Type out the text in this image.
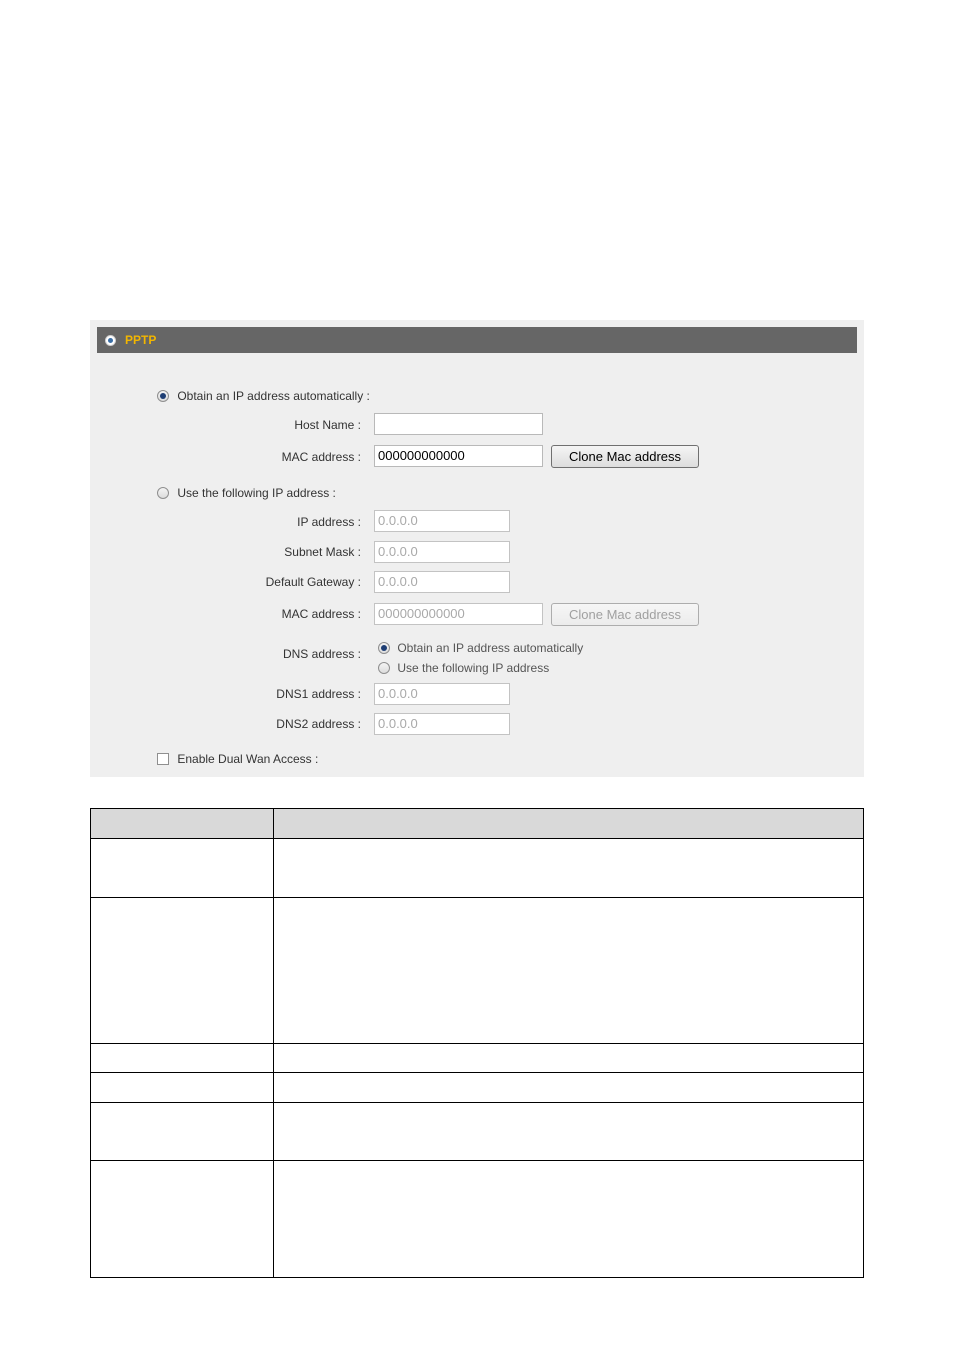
PPTP
Obtain an IP address automatically :
Host Name :
MAC address :	000000000000	Clone Mac address
Use the following IP address :
IP address :	0.0.0.0
Subnet Mask :	0.0.0.0
Default Gateway :	0.0.0.0
MAC address :	000000000000	Clone Mac address
DNS address :	Obtain an IP address automatically
Use the following IP address
DNS1 address :	0.0.0.0
DNS2 address :	0.0.0.0
Enable Dual Wan Access :
